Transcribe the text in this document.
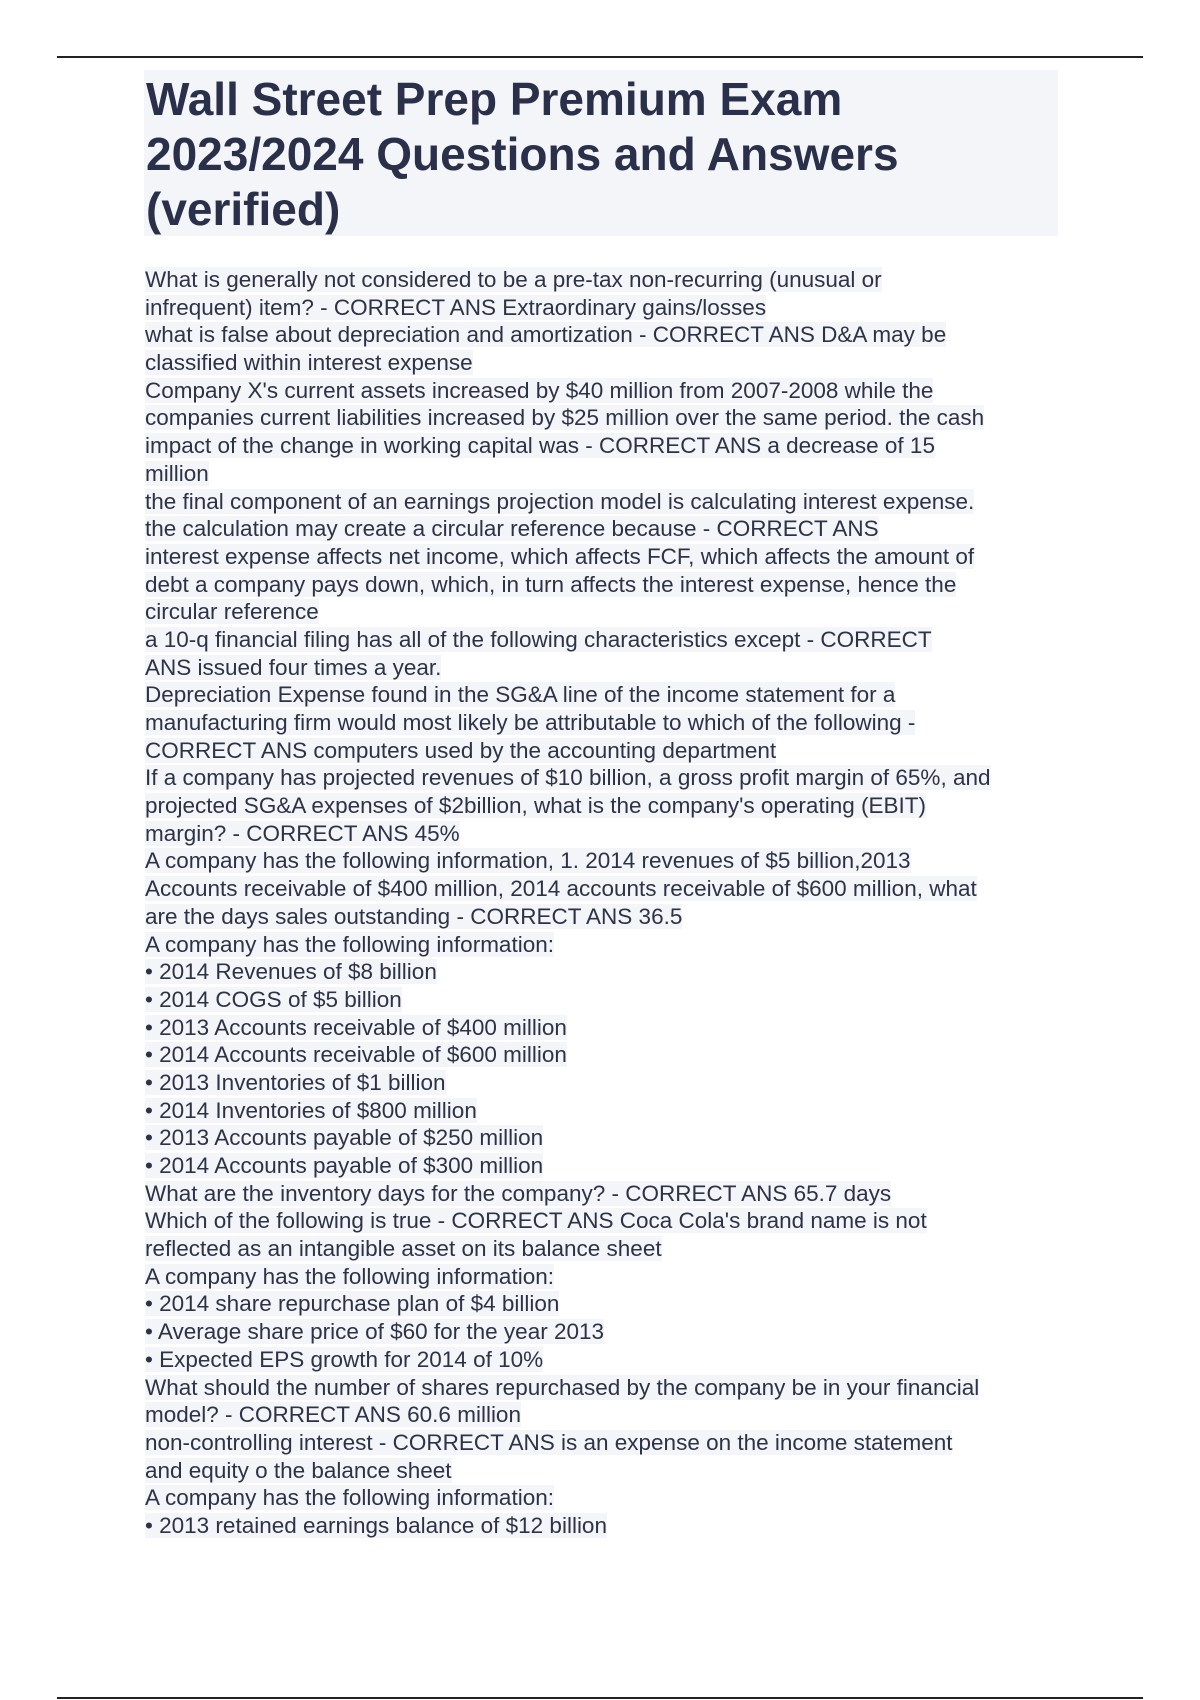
Wall Street Prep Premium Exam
2023/2024 Questions and Answers
(verified)
What is generally not considered to be a pre-tax non-recurring (unusual or
infrequent) item? - CORRECT ANS Extraordinary gains/losses
what is false about depreciation and amortization - CORRECT ANS D&A may be
classified within interest expense
Company X's current assets increased by $40 million from 2007-2008 while the
companies current liabilities increased by $25 million over the same period. the cash
impact of the change in working capital was - CORRECT ANS a decrease of 15
million
the final component of an earnings projection model is calculating interest expense.
the calculation may create a circular reference because - CORRECT ANS
interest expense affects net income, which affects FCF, which affects the amount of
debt a company pays down, which, in turn affects the interest expense, hence the
circular reference
a 10-q financial filing has all of the following characteristics except - CORRECT
ANS issued four times a year.
Depreciation Expense found in the SG&A line of the income statement for a
manufacturing firm would most likely be attributable to which of the following -
CORRECT ANS computers used by the accounting department
If a company has projected revenues of $10 billion, a gross profit margin of 65%, and
projected SG&A expenses of $2billion, what is the company's operating (EBIT)
margin? - CORRECT ANS 45%
A company has the following information, 1. 2014 revenues of $5 billion,2013
Accounts receivable of $400 million, 2014 accounts receivable of $600 million, what
are the days sales outstanding - CORRECT ANS 36.5
A company has the following information:
• 2014 Revenues of $8 billion
• 2014 COGS of $5 billion
• 2013 Accounts receivable of $400 million
• 2014 Accounts receivable of $600 million
• 2013 Inventories of $1 billion
• 2014 Inventories of $800 million
• 2013 Accounts payable of $250 million
• 2014 Accounts payable of $300 million
What are the inventory days for the company? - CORRECT ANS 65.7 days
Which of the following is true - CORRECT ANS Coca Cola's brand name is not
reflected as an intangible asset on its balance sheet
A company has the following information:
• 2014 share repurchase plan of $4 billion
• Average share price of $60 for the year 2013
• Expected EPS growth for 2014 of 10%
What should the number of shares repurchased by the company be in your financial
model? - CORRECT ANS 60.6 million
non-controlling interest - CORRECT ANS is an expense on the income statement
and equity o the balance sheet
A company has the following information:
• 2013 retained earnings balance of $12 billion
